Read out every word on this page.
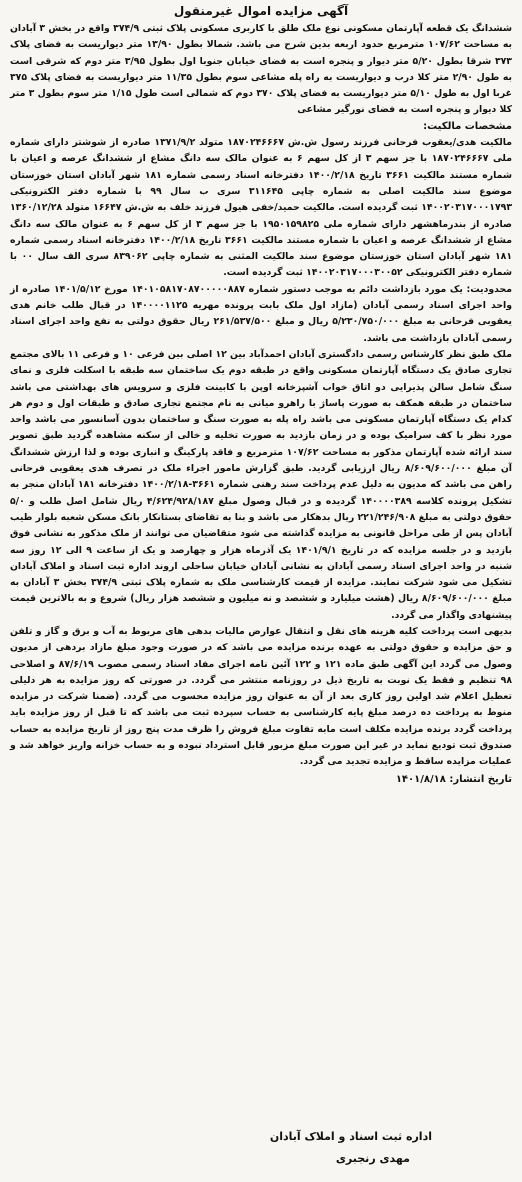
آگهی مزایده اموال غیرمنقول

ششدانگ یک قطعه آپارتمان مسکونی نوع ملک طلق با کاربری مسکونی پلاک ثبتی ۳۷۴/۹ واقع در بخش ۳ آبادان به مساحت ۱۰۷/۶۲ مترمربع حدود اربعه بدین شرح می باشد. شمالا بطول ۱۳/۹۰ متر دیواریست به فضای پلاک ۳۷۳ شرقا بطول ۵/۲۰ متر دیوار و پنجره است به فضای خیابان جنوبا اول بطول ۳/۹۵ متر دوم که شرقی است به طول ۲/۹۰ متر کلا درب و دیواریست به راه پله مشاعی سوم بطول ۱۱/۳۵ متر دیواریست به فضای پلاک ۳۷۵ غربا اول به طول ۵/۱۰ متر دیواریست به فضای پلاک ۳۷۰ دوم که شمالی است طول ۱/۱۵ متر سوم بطول ۳ متر کلا دیوار و پنجره است به فضای نورگیر مشاعی

مشخصات مالکیت:

مالکیت هدی/یعقوب فرحانی فرزند رسول ش.ش ۱۸۷۰۲۴۶۶۶۷ متولد ۱۳۷۱/۹/۲ صادره از شوشتر دارای شماره ملی ۱۸۷۰۲۴۶۶۶۷ با جز سهم ۳ از کل سهم ۶ به عنوان مالک سه دانگ مشاع از ششدانگ عرصه و اعیان با شماره مستند مالکیت ۳۶۶۱ تاریخ ۱۴۰۰/۲/۱۸ دفترخانه اسناد رسمی شماره ۱۸۱ شهر آبادان استان خوزستان موضوع سند مالکیت اصلی به شماره چاپی ۳۱۱۶۴۵ سری ب سال ۹۹ با شماره دفتر الکترونیکی ۱۴۰۰۲۰۳۱۷۰۰۰۱۷۹۳ ثبت گردیده است. مالکیت حمید/خفی هیول فرزند خلف به ش.ش ۱۶۶۴۷ متولد ۱۳۶۰/۱۲/۲۸ صادره از بندرماهشهر دارای شماره ملی ۱۹۵۰۱۵۹۸۲۵ با جز سهم ۳ از کل سهم ۶ به عنوان مالک سه دانگ مشاع از ششدانگ عرصه و اعیان با شماره مستند مالکیت ۳۶۶۱ تاریخ ۱۴۰۰/۲/۱۸ دفترخانه اسناد رسمی شماره ۱۸۱ شهر آبادان استان خوزستان موضوع سند مالکیت المثنی به شماره چاپی ۸۳۹۰۶۲ سری الف سال ۰۰ با شماره دفتر الکترونیکی ۱۴۰۰۲۰۳۱۷۰۰۰۳۰۰۵۲ ثبت گردیده است.

محدودیت: یک مورد بازداشت دائم به موجب دستور شماره ۱۴۰۱۰۵۸۱۷۰۸۷۰۰۰۰۰۸۸۷ مورخ ۱۴۰۱/۵/۱۲ صادره از واحد اجرای اسناد رسمی آبادان (مازاد اول ملک بابت پرونده مهریه ۱۴۰۰۰۰۱۱۲۵ در قبال طلب خانم هدی یعقوبی فرحانی به مبلغ ۵/۲۳۰/۷۵۰/۰۰۰ ریال و مبلغ ۲۶۱/۵۳۷/۵۰۰ ریال حقوق دولتی به نفع واحد اجرای اسناد رسمی آبادان بازداشت می باشد.

ملک طبق نظر کارشناس رسمی دادگستری آبادان احمدآباد بین ۱۲ اصلی بین فرعی ۱۰ و فرعی ۱۱ بالای مجتمع تجاری صادق یک دستگاه آپارتمان مسکونی واقع در طبقه دوم یک ساختمان سه طبقه با اسکلت فلزی و نمای سنگ شامل سالن پذیرایی دو اتاق خواب آشپزخانه اوپن با کابینت فلزی و سرویس های بهداشتی می باشد ساختمان در طبقه همکف به صورت پاساژ با راهرو میانی به نام مجتمع تجاری صادق و طبقات اول و دوم هر کدام یک دستگاه آپارتمان مسکونی می باشد راه پله به صورت سنگ و ساختمان بدون آسانسور می باشد واحد مورد نظر با کف سرامیک بوده و در زمان بازدید به صورت تخلیه و خالی از سکنه مشاهده گردید طبق تصویر سند ارائه شده آپارتمان مذکور به مساحت ۱۰۷/۶۲ مترمربع و فاقد پارکینگ و انباری بوده و لذا ارزش ششدانگ آن مبلغ ۸/۶۰۹/۶۰۰/۰۰۰ ریال ارزیابی گردید. طبق گزارش مامور اجراء ملک در تصرف هدی یعقوبی فرحانی راهن می باشد که مدیون به دلیل عدم پرداخت سند رهنی شماره ۳۶۶۱-۱۴۰۰/۲/۱۸ دفترخانه ۱۸۱ آبادان منجر به تشکیل پرونده کلاسه ۱۴۰۰۰۰۳۸۹ گردیده و در قبال وصول مبلغ ۴/۶۲۴/۹۲۸/۱۸۷ ریال شامل اصل طلب و ۵/۰ حقوق دولتی به مبلغ ۲۲۱/۲۴۶/۹۰۸ ریال بدهکار می باشد و بنا به تقاضای بستانکار بانک مسکن شعبه بلوار طیب آبادان پس از طی مراحل قانونی به مزایده گذاشته می شود متقاضیان می توانند از ملک مذکور به نشانی فوق بازدید و در جلسه مزایده که در تاریخ ۱۴۰۱/۹/۱ یک آذرماه هزار و چهارصد و یک از ساعت ۹ الی ۱۲ روز سه شنبه در واحد اجرای اسناد رسمی آبادان به نشانی آبادان خیابان ساحلی اروند اداره ثبت اسناد و املاک آبادان تشکیل می شود شرکت نمایند. مزایده از قیمت کارشناسی ملک به شماره پلاک ثبتی ۳۷۴/۹ بخش ۳ آبادان به مبلغ ۸/۶۰۹/۶۰۰/۰۰۰ ریال (هشت میلیارد و ششصد و نه میلیون و ششصد هزار ریال) شروع و به بالاترین قیمت پیشنهادی واگذار می گردد.

بدیهی است پرداخت کلیه هزینه های نقل و انتقال عوارض مالیات بدهی های مربوط به آب و برق و گاز و تلفن و حق مزایده و حقوق دولتی به عهده برنده مزایده می باشد که در صورت وجود مبلغ مازاد بردهی از مدیون وصول می گردد این آگهی طبق ماده ۱۲۱ و ۱۲۲ آئین نامه اجرای مفاد اسناد رسمی مصوب ۸۷/۶/۱۹ و اصلاحی ۹۸ تنظیم و فقط یک نوبت به تاریخ ذیل در روزنامه منتشر می گردد. در صورتی که روز مزایده به هر دلیلی تعطیل اعلام شد اولین روز کاری بعد از آن به عنوان روز مزایده محسوب می گردد. (ضمنا شرکت در مزایده منوط به پرداخت ده درصد مبلغ پایه کارشناسی به حساب سپرده ثبت می باشد که تا قبل از روز مزایده باید پرداخت گردد برنده مزایده مکلف است مابه تفاوت مبلغ فروش را ظرف مدت پنج روز از تاریخ مزایده به حساب صندوق ثبت تودیع نماید در غیر این صورت مبلغ مزبور قابل استرداد نبوده و به حساب خزانه واریز خواهد شد و عملیات مزایده ساقط و مزایده تجدید می گردد.

تاریخ انتشار: ۱۴۰۱/۸/۱۸
اداره ثبت اسناد و املاک آبادان
مهدی رنجبری
